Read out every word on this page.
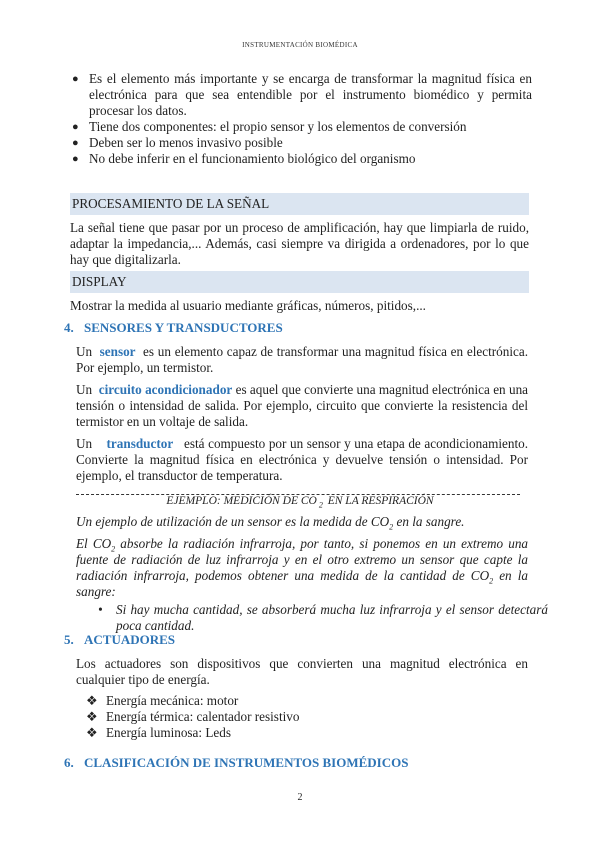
INSTRUMENTACIÓN BIOMÉDICA
● Es el elemento más importante y se encarga de transformar la magnitud física en electrónica para que sea entendible por el instrumento biomédico y permita procesar los datos.
● Tiene dos componentes: el propio sensor y los elementos de conversión
● Deben ser lo menos invasivo posible
● No debe inferir en el funcionamiento biológico del organismo
PROCESAMIENTO DE LA SEÑAL
La señal tiene que pasar por un proceso de amplificación, hay que limpiarla de ruido, adaptar la impedancia,... Además, casi siempre va dirigida a ordenadores, por lo que hay que digitalizarla.
DISPLAY
Mostrar la medida al usuario mediante gráficas, números, pitidos,...
4. SENSORES Y TRANSDUCTORES
Un sensor es un elemento capaz de transformar una magnitud física en electrónica. Por ejemplo, un termistor.
Un circuito acondicionador es aquel que convierte una magnitud electrónica en una tensión o intensidad de salida. Por ejemplo, circuito que convierte la resistencia del termistor en un voltaje de salida.
Un transductor está compuesto por un sensor y una etapa de acondicionamiento. Convierte la magnitud física en electrónica y devuelve tensión o intensidad. Por ejemplo, el transductor de temperatura.
EJEMPLO: MEDICIÓN DE CO $_2$ EN LA RESPIRACIÓN
Un ejemplo de utilización de un sensor es la medida de $CO_2$ en la sangre.
El $CO_2$ absorbe la radiación infrarroja, por tanto, si ponemos en un extremo una fuente de radiación de luz infrarroja y en el otro extremo un sensor que capte la radiación infrarroja, podemos obtener una medida de la cantidad de $CO_2$ en la sangre:
• Si hay mucha cantidad, se absorberá mucha luz infrarroja y el sensor detectará poca cantidad.
5. ACTUADORES
Los actuadores son dispositivos que convierten una magnitud electrónica en cualquier tipo de energía.
❖ Energía mecánica: motor
❖ Energía térmica: calentador resistivo
❖ Energía luminosa: Leds
6. CLASIFICACIÓN DE INSTRUMENTOS BIOMÉDICOS
2
